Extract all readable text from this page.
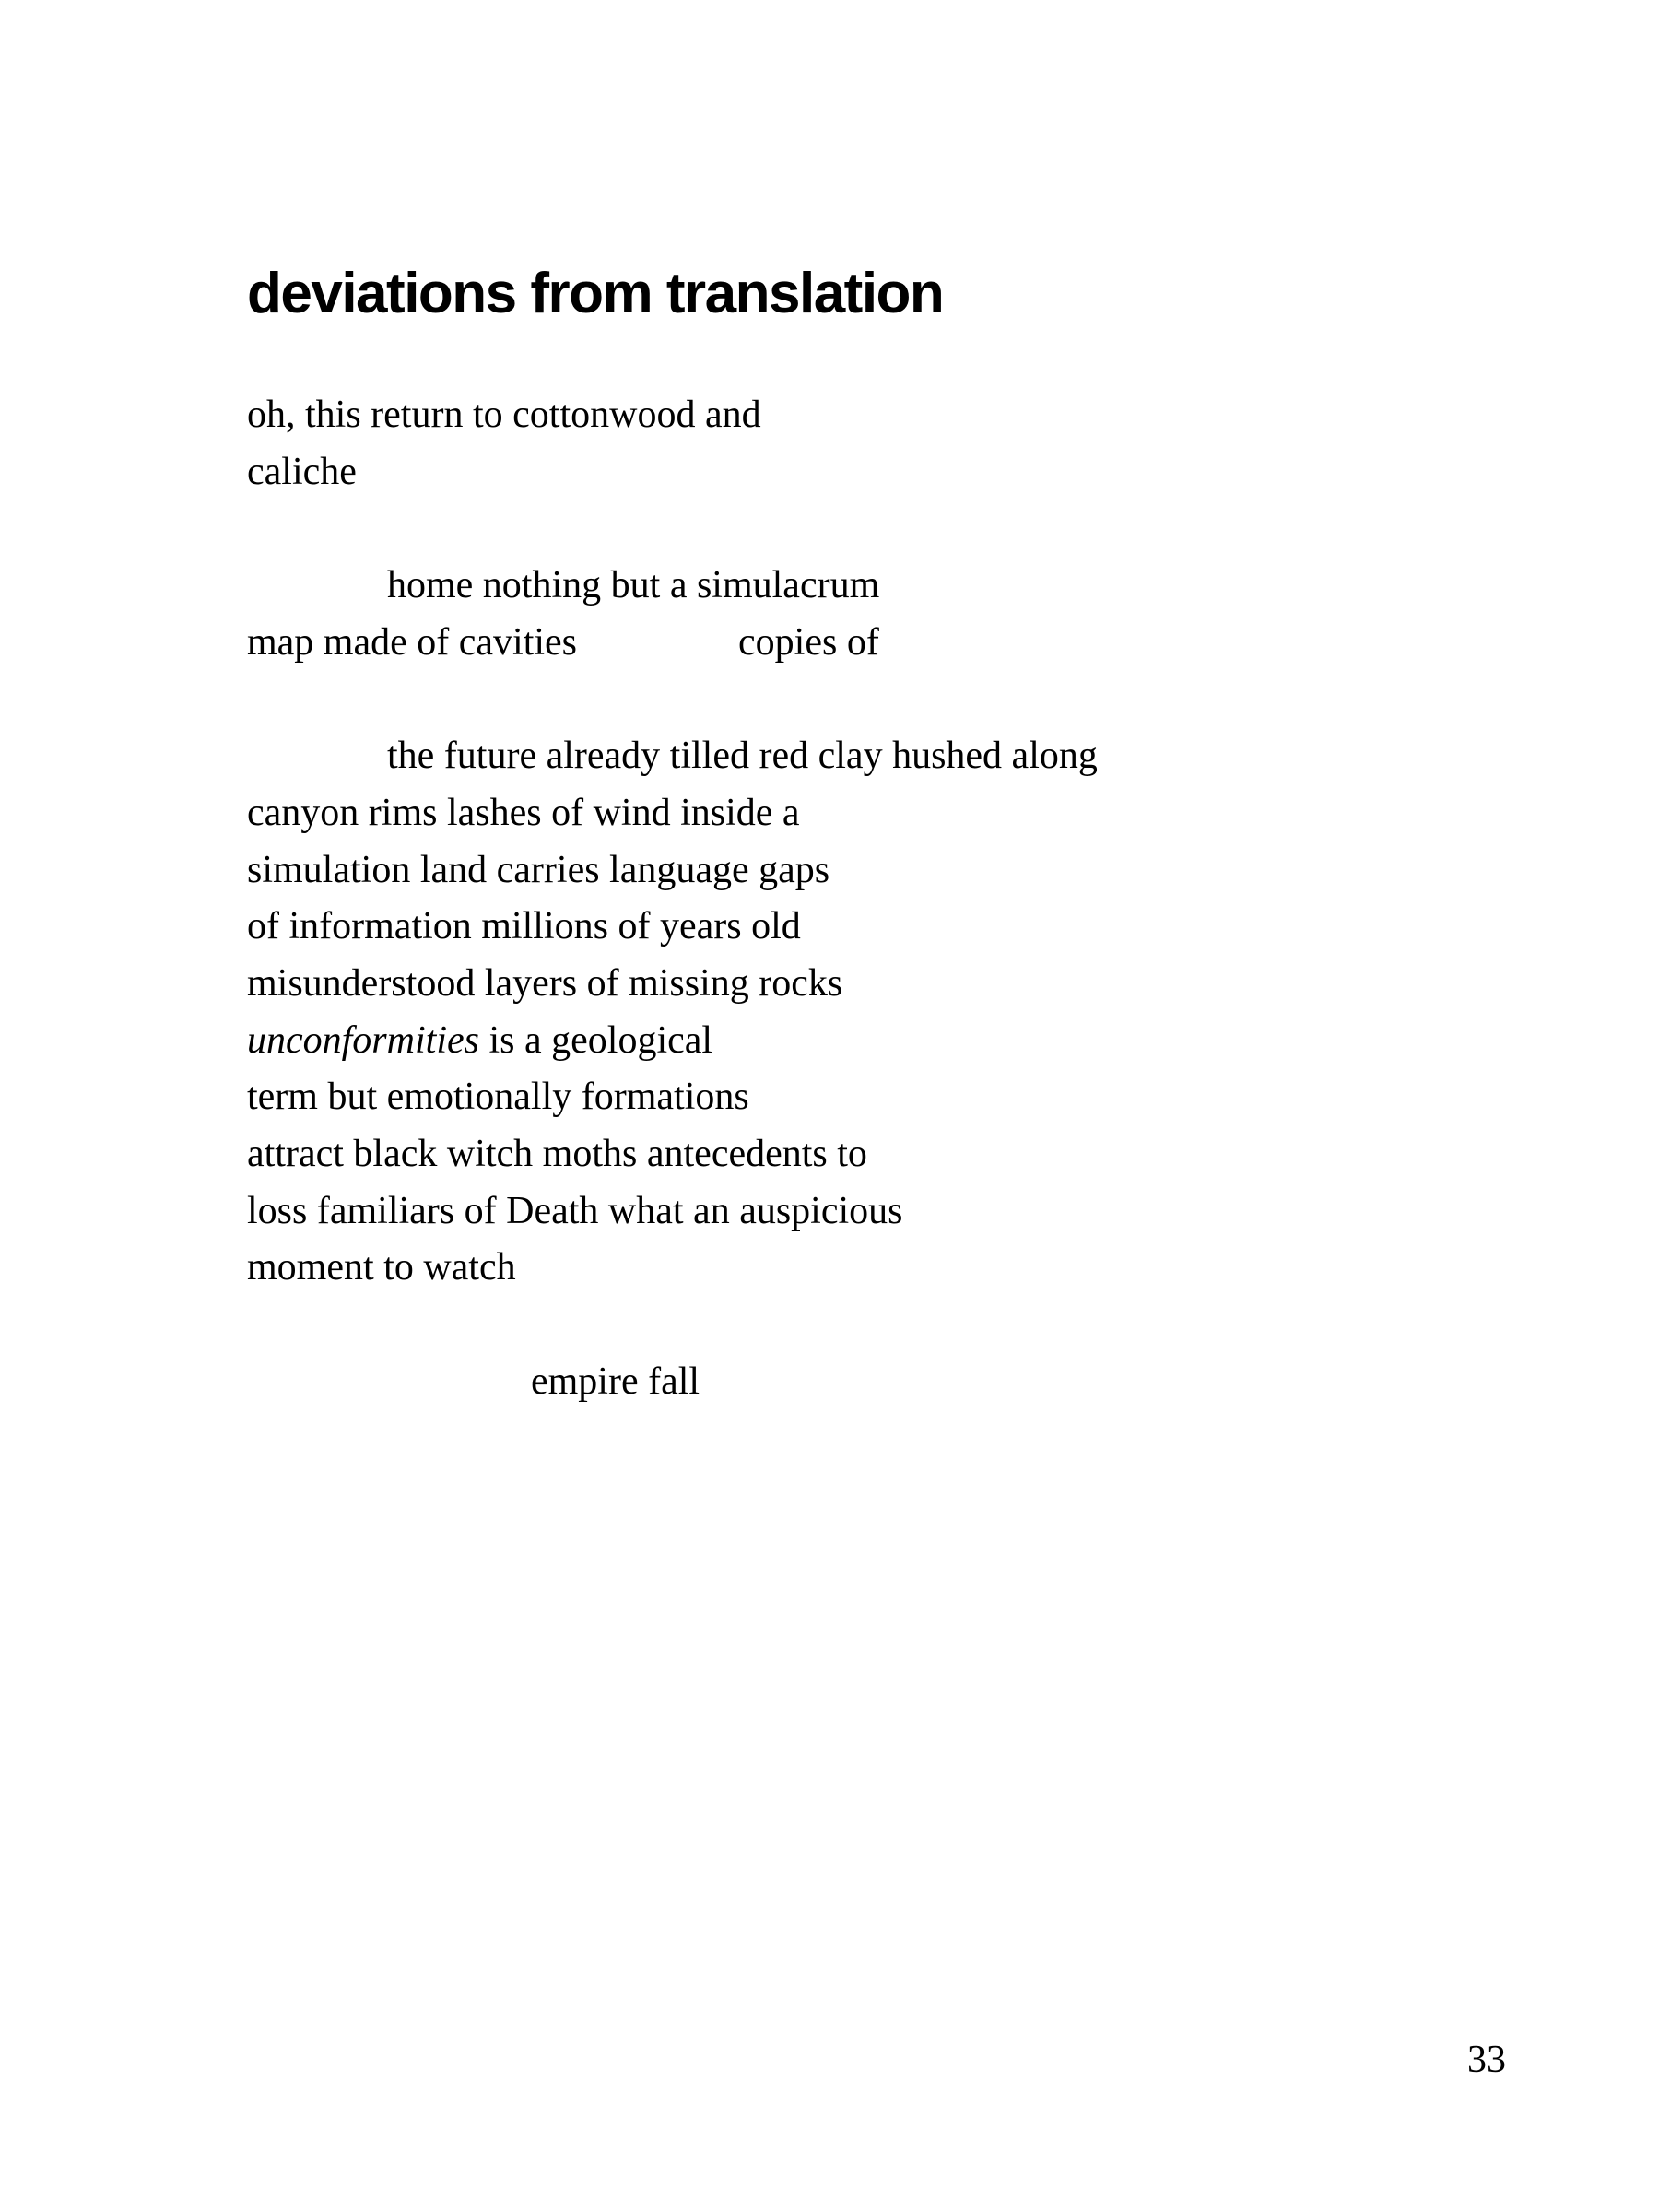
deviations from translation
oh, this return to cottonwood and
caliche
home nothing but a simulacrum
map made of cavities	copies of
the future already tilled red clay hushed along
canyon rims lashes of wind inside a
simulation land carries language gaps
of information millions of years old
misunderstood layers of missing rocks
unconformities is a geological
term but emotionally formations
attract black witch moths antecedents to
loss familiars of Death what an auspicious
moment to watch
empire fall
33
